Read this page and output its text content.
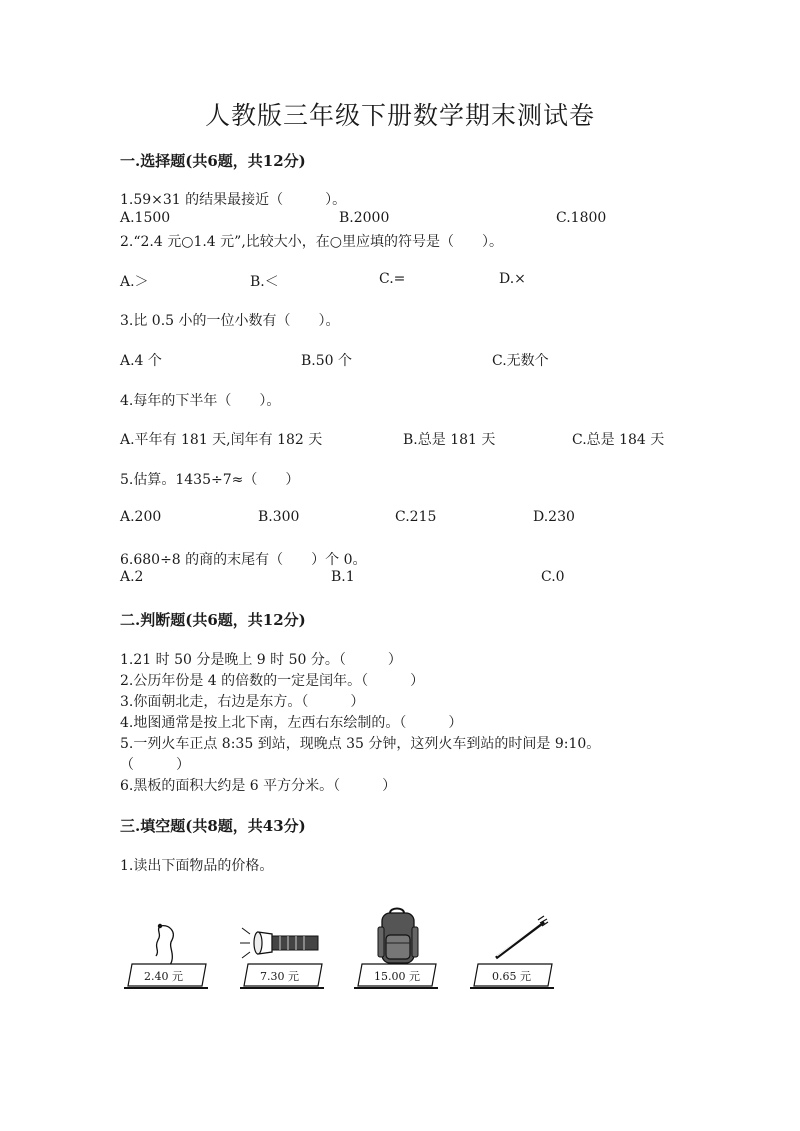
人教版三年级下册数学期末测试卷
一.选择题(共6题，共12分)
1.59×31 的结果最接近（　　　）。
A.1500	B.2000	C.1800
2.“2.4 元○1.4 元”,比较大小，在○里应填的符号是（　　）。
A.＞	B.＜	C.=	D.×
3.比 0.5 小的一位小数有（　　）。
A.4 个	B.50 个	C.无数个
4.每年的下半年（　　）。
A.平年有 181 天,闰年有 182 天	B.总是 181 天	C.总是 184 天
5.估算。1435÷7≈（　　）
A.200	B.300	C.215	D.230
6.680÷8 的商的末尾有（　　）个 0。
A.2	B.1	C.0
二.判断题(共6题，共12分)
1.21 时 50 分是晚上 9 时 50 分。（　　　）
2.公历年份是 4 的倍数的一定是闰年。（　　　）
3.你面朝北走，右边是东方。（　　　）
4.地图通常是按上北下南，左西右东绘制的。（　　　）
5.一列火车正点 8:35 到站，现晚点 35 分钟，这列火车到站的时间是 9:10。
（　　　）
6.黑板的面积大约是 6 平方分米。（　　　）
三.填空题(共8题，共43分)
1.读出下面物品的价格。
2.40 元	7.30 元	15.00 元	0.65 元
